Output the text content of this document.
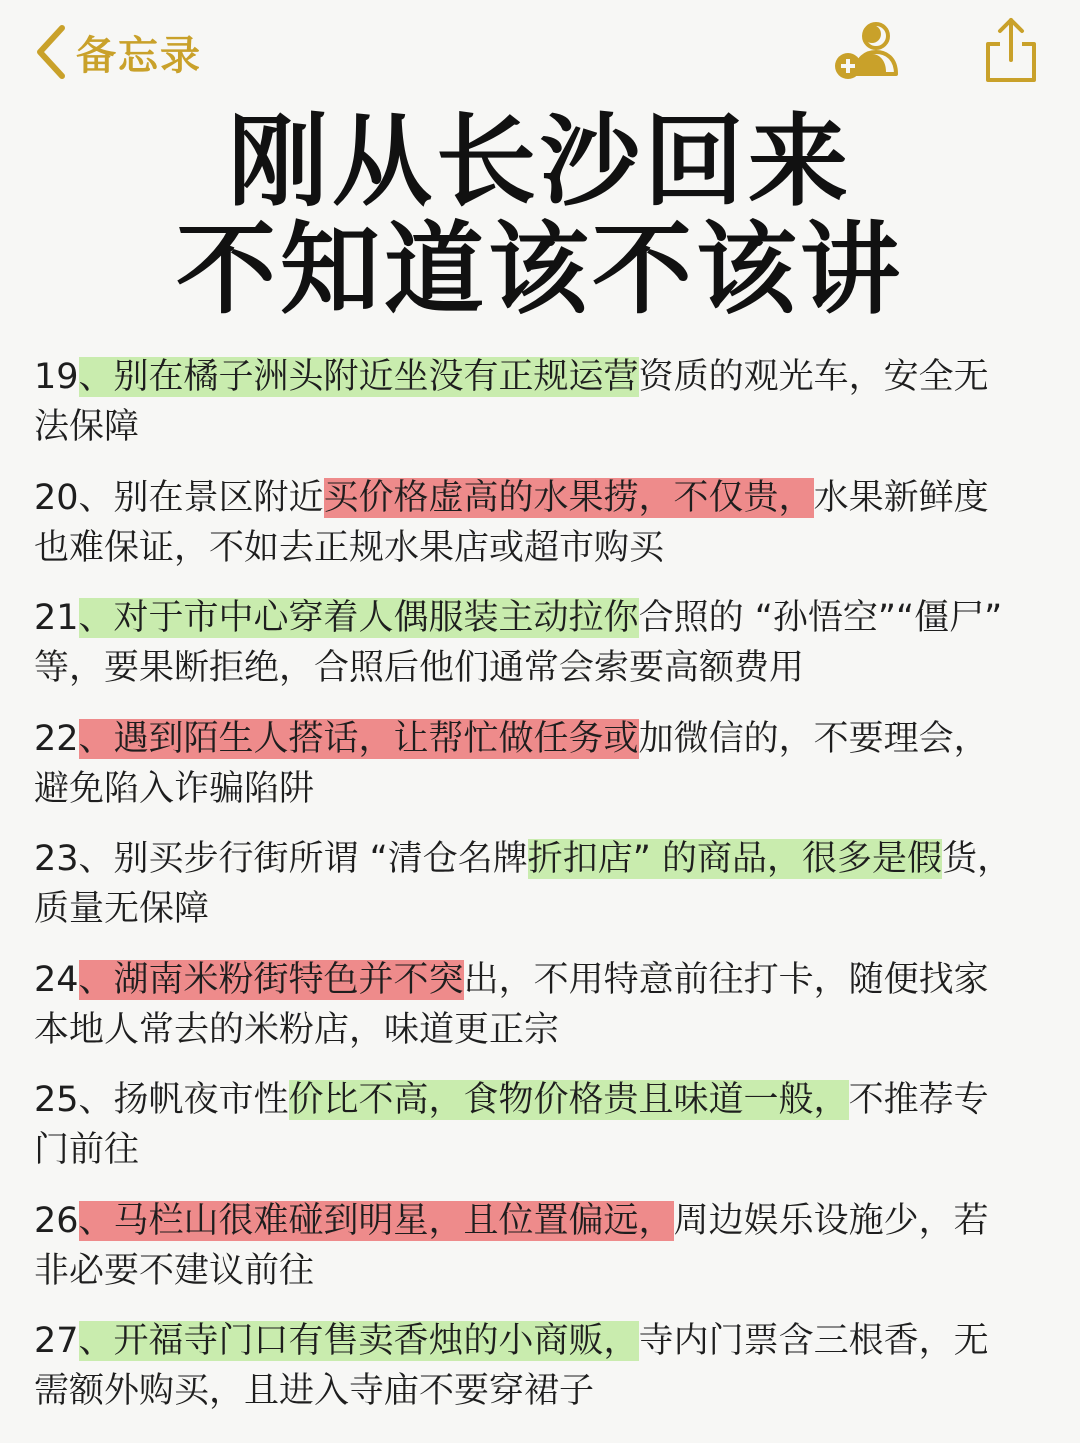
备忘录
刚从长沙回来
不知道该不该讲
19、别在橘子洲头附近坐没有正规运营资质的观光车，安全无
法保障
20、别在景区附近买价格虚高的水果捞，不仅贵，水果新鲜度
也难保证，不如去正规水果店或超市购买
21、对于市中心穿着人偶服装主动拉你合照的 “孙悟空”“僵尸”
等，要果断拒绝，合照后他们通常会索要高额费用
22、遇到陌生人搭话，让帮忙做任务或加微信的，不要理会，
避免陷入诈骗陷阱
23、别买步行街所谓 “清仓名牌折扣店” 的商品，很多是假货，
质量无保障
24、湖南米粉街特色并不突出，不用特意前往打卡，随便找家
本地人常去的米粉店，味道更正宗
25、扬帆夜市性价比不高，食物价格贵且味道一般，不推荐专
门前往
26、马栏山很难碰到明星，且位置偏远，周边娱乐设施少，若
非必要不建议前往
27、开福寺门口有售卖香烛的小商贩，寺内门票含三根香，无
需额外购买，且进入寺庙不要穿裙子
